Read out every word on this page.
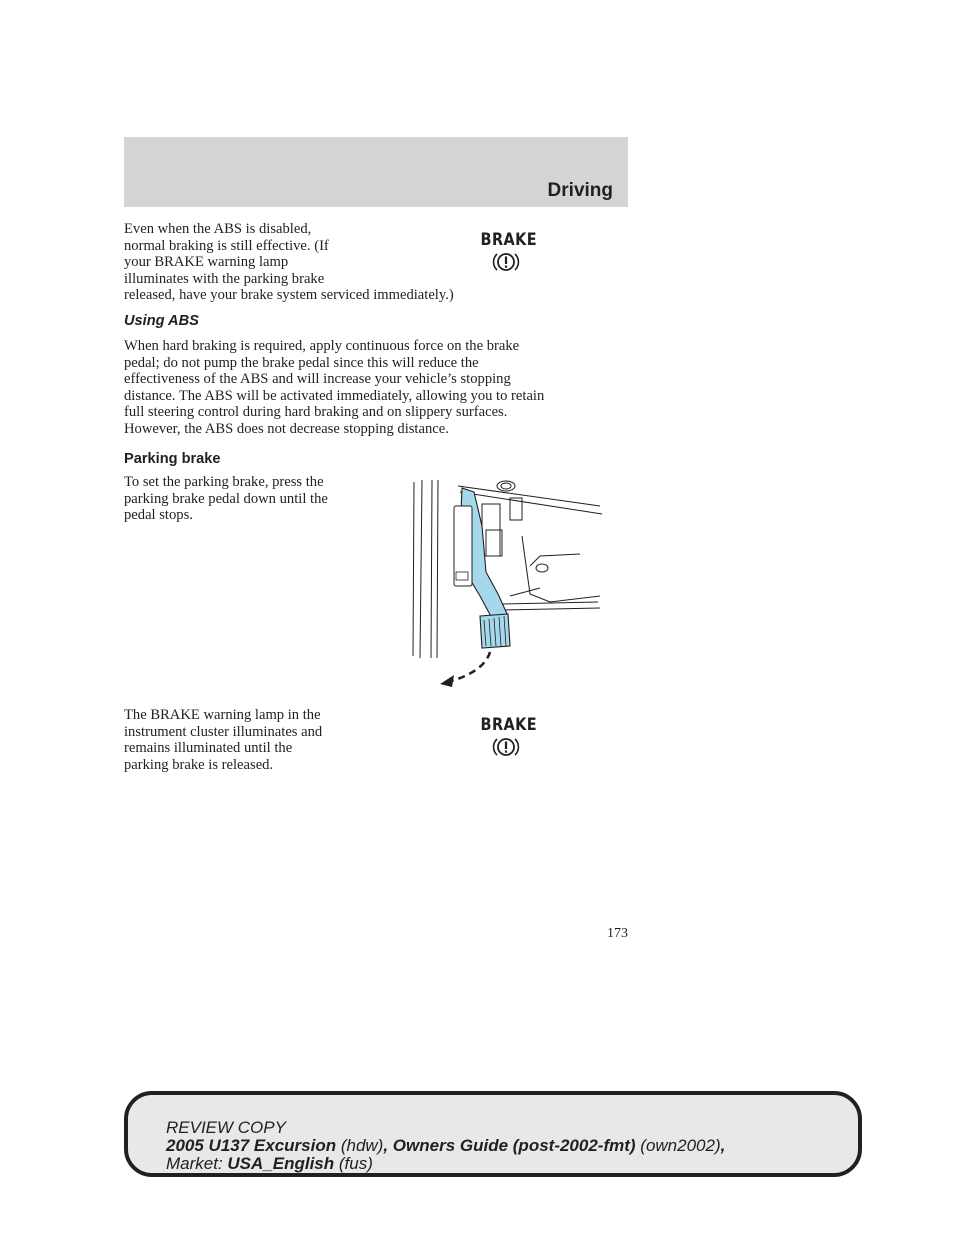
Driving
Even when the ABS is disabled,
normal braking is still effective. (If
your BRAKE warning lamp
illuminates with the parking brake
released, have your brake system serviced immediately.)
BRAKE
Using ABS
When hard braking is required, apply continuous force on the brake
pedal; do not pump the brake pedal since this will reduce the
effectiveness of the ABS and will increase your vehicle’s stopping
distance. The ABS will be activated immediately, allowing you to retain
full steering control during hard braking and on slippery surfaces.
However, the ABS does not decrease stopping distance.
Parking brake
To set the parking brake, press the
parking brake pedal down until the
pedal stops.
The BRAKE warning lamp in the
instrument cluster illuminates and
remains illuminated until the
parking brake is released.
BRAKE
173
REVIEW COPY
2005 U137 Excursion (hdw), Owners Guide (post-2002-fmt) (own2002),
Market: USA_English (fus)
